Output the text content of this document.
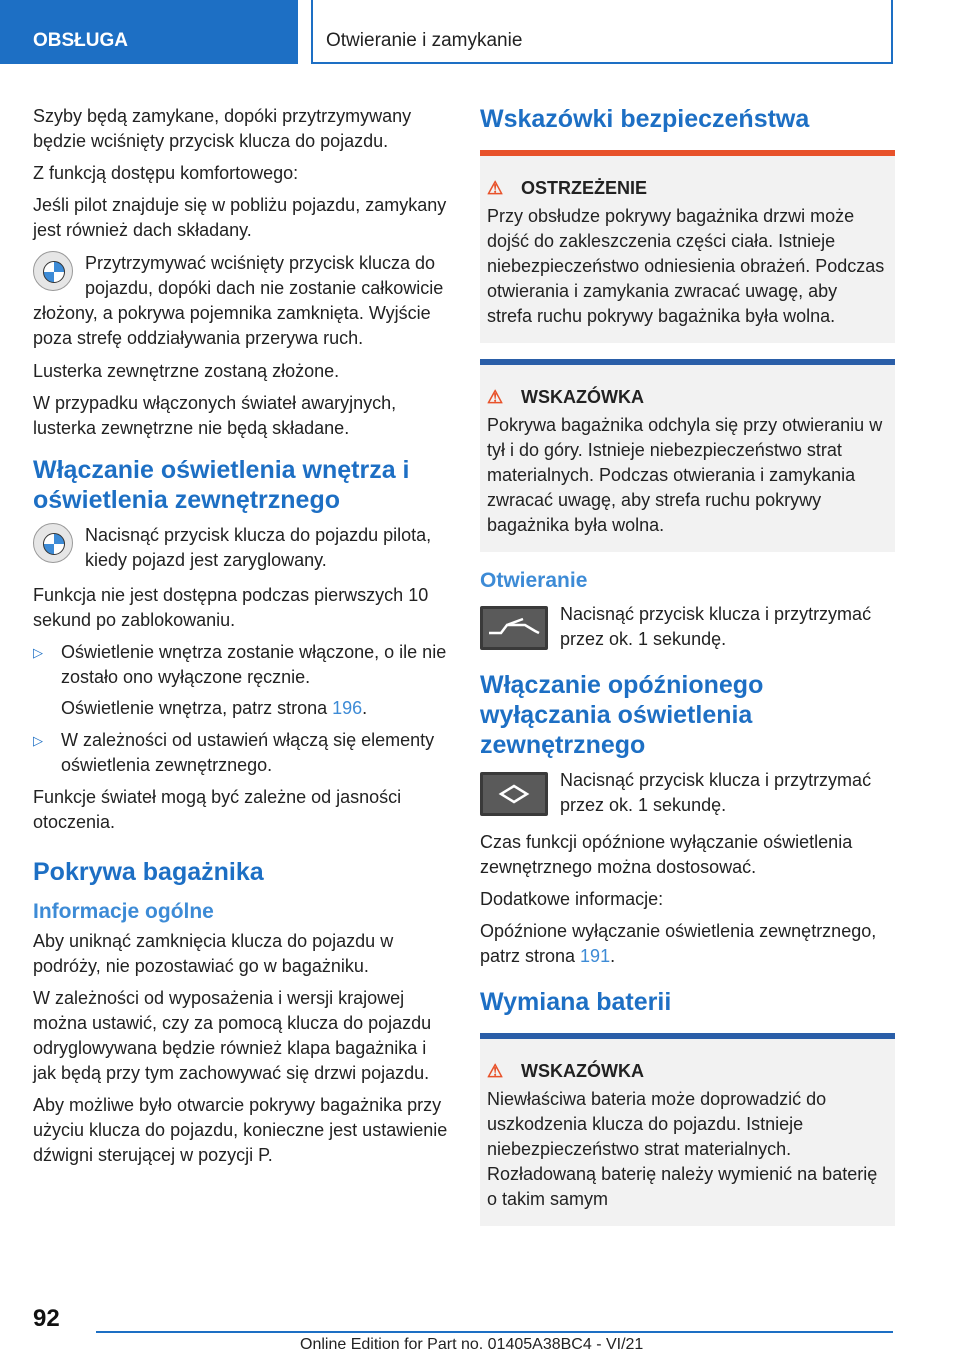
OBSŁUGA	Otwieranie i zamykanie

Szyby będą zamykane, dopóki przytrzymywany będzie wciśnięty przycisk klucza do pojazdu.

Z funkcją dostępu komfortowego:

Jeśli pilot znajduje się w pobliżu pojazdu, zamykany jest również dach składany.

Przytrzymywać wciśnięty przycisk klucza do pojazdu, dopóki dach nie zostanie całkowicie złożony, a pokrywa pojemnika zamknięta. Wyjście poza strefę oddziaływania przerywa ruch.

Lusterka zewnętrzne zostaną złożone.

W przypadku włączonych świateł awaryjnych, lusterka zewnętrzne nie będą składane.

Włączanie oświetlenia wnętrza i oświetlenia zewnętrznego
Nacisnąć przycisk klucza do pojazdu pilota, kiedy pojazd jest zaryglowany.

Funkcja nie jest dostępna podczas pierwszych 10 sekund po zablokowaniu.

▷ Oświetlenie wnętrza zostanie włączone, o ile nie zostało ono wyłączone ręcznie.

Oświetlenie wnętrza, patrz strona 196.

▷ W zależności od ustawień włączą się elementy oświetlenia zewnętrznego.

Funkcje świateł mogą być zależne od jasności otoczenia.

Pokrywa bagażnika
Informacje ogólne

Aby uniknąć zamknięcia klucza do pojazdu w podróży, nie pozostawiać go w bagażniku.

W zależności od wyposażenia i wersji krajowej można ustawić, czy za pomocą klucza do pojazdu odryglowywana będzie również klapa bagażnika i jak będą przy tym zachowywać się drzwi pojazdu.

Aby możliwe było otwarcie pokrywy bagażnika przy użyciu klucza do pojazdu, konieczne jest ustawienie dźwigni sterującej w pozycji P.

Wskazówki bezpieczeństwa
⚠ OSTRZEŻENIE

Przy obsłudze pokrywy bagażnika drzwi może dojść do zakleszczenia części ciała. Istnieje niebezpieczeństwo odniesienia obrażeń. Podczas otwierania i zamykania zwracać uwagę, aby strefa ruchu pokrywy bagażnika była wolna.

⚠ WSKAZÓWKA

Pokrywa bagażnika odchyla się przy otwieraniu w tył i do góry. Istnieje niebezpieczeństwo strat materialnych. Podczas otwierania i zamykania zwracać uwagę, aby strefa ruchu pokrywy bagażnika była wolna.

Otwieranie
Nacisnąć przycisk klucza i przytrzymać przez ok. 1 sekundę.
Włączanie opóźnionego wyłączania oświetlenia zewnętrznego
Nacisnąć przycisk klucza i przytrzymać przez ok. 1 sekundę.

Czas funkcji opóźnione wyłączanie oświetlenia zewnętrznego można dostosować.

Dodatkowe informacje:

Opóźnione wyłączanie oświetlenia zewnętrznego, patrz strona 191.

Wymiana baterii
⚠ WSKAZÓWKA

Niewłaściwa bateria może doprowadzić do uszkodzenia klucza do pojazdu. Istnieje niebezpieczeństwo strat materialnych. Rozładowaną baterię należy wymienić na baterię o takim samym

92
Online Edition for Part no. 01405A38BC4 - VI/21
